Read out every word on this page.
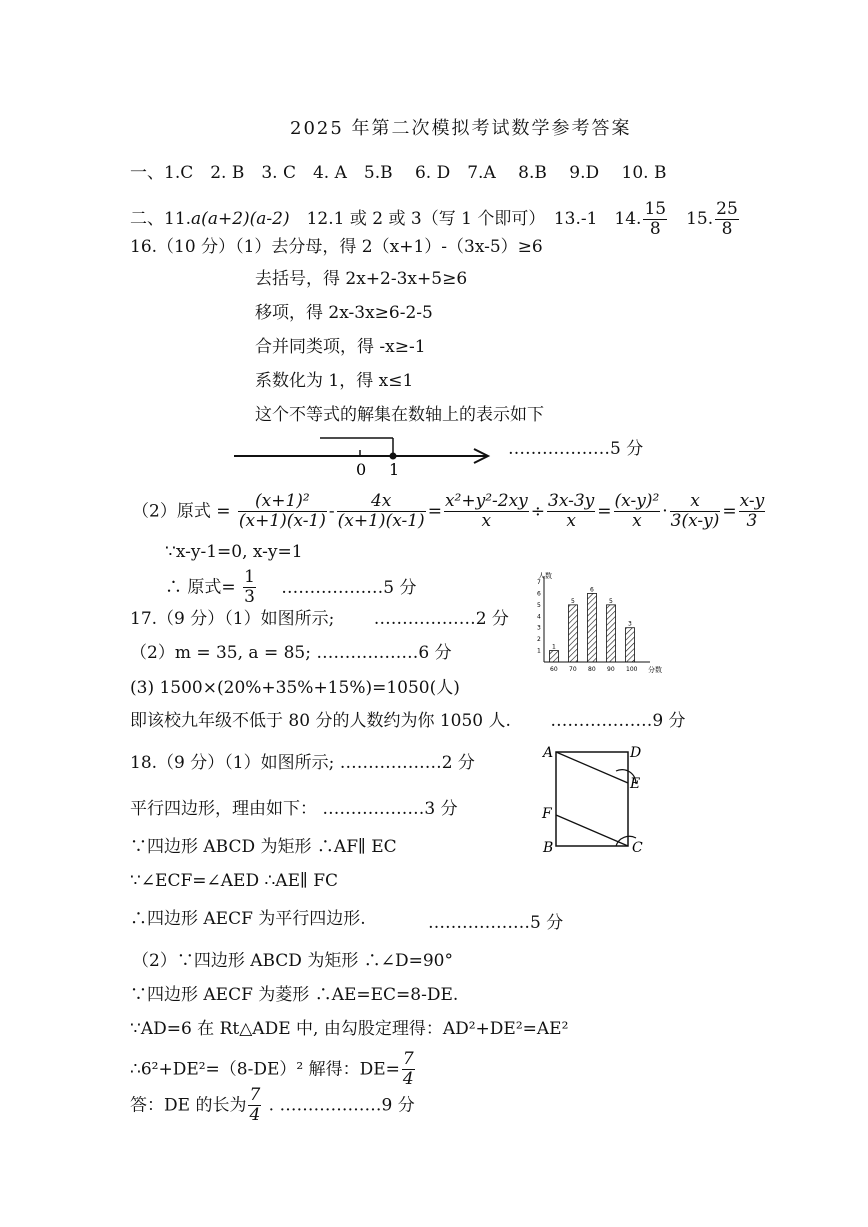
2025 年第二次模拟考试数学参考答案
一、1.C　2. B　3. C　4. A　5.B　 6. D　7.A　 8.B　 9.D　 10. B
二、11.a(a+2)(a-2)　12.1 或 2 或 3（写 1 个即可）　13.-1　14. $\frac{15}{8}$ 　15. $\frac{25}{8}$
16.（10 分）（1）去分母，得 2（x+1）-（3x-5）≥6
去括号，得 2x+2-3x+5≥6
移项，得 2x-3x≥6-2-5
合并同类项，得 -x≥-1
系数化为 1，得 x≤1
这个不等式的解集在数轴上的表示如下
0 1
………………5 分
（2）原式 = $\frac{\text{(x+1)²}}{(x+1)(x-1)} - \frac{4x}{(x+1)(x-1)} = \frac{\text{x²+y²-2xy}}{x} \div \frac{3x-3y}{x} = \frac{\text{(x-y)²}}{x} \cdot \frac{x}{3(x-y)} = \frac{x-y}{3}$
∵x-y-1=0, x-y=1
∴ 原式= $\frac{1}{3}$ ………………5 分
17.（9 分）（1）如图所示;　　 ………………2 分
（2）m = 35, a = 85; ………………6 分
(3) 1500×(20%+35%+15%)=1050(人)
即该校九年级不低于 80 分的人数约为你 1050 人.　　 ………………9 分
人数
分数
1
2
3
4
5
6
7
1
60
5
70
6
80
5
90
3
100
18.（9 分）（1）如图所示; ………………2 分
平行四边形，理由如下： ………………3 分
∵四边形 ABCD 为矩形 ∴AF∥ EC
∵∠ECF=∠AED ∴AE∥ FC
∴四边形 AECF 为平行四边形.	………………5 分
（2）∵四边形 ABCD 为矩形 ∴∠D=90°
∵四边形 AECF 为菱形 ∴AE=EC=8-DE.
∵AD=6 在 Rt△ADE 中, 由勾股定理得：AD²+DE²=AE²
∴6²+DE²=（8-DE）² 解得：$DE= \frac{7}{4}$
答：DE 的长为 $\frac{7}{4}$ . ………………9 分
A	D
E
F
B	C
